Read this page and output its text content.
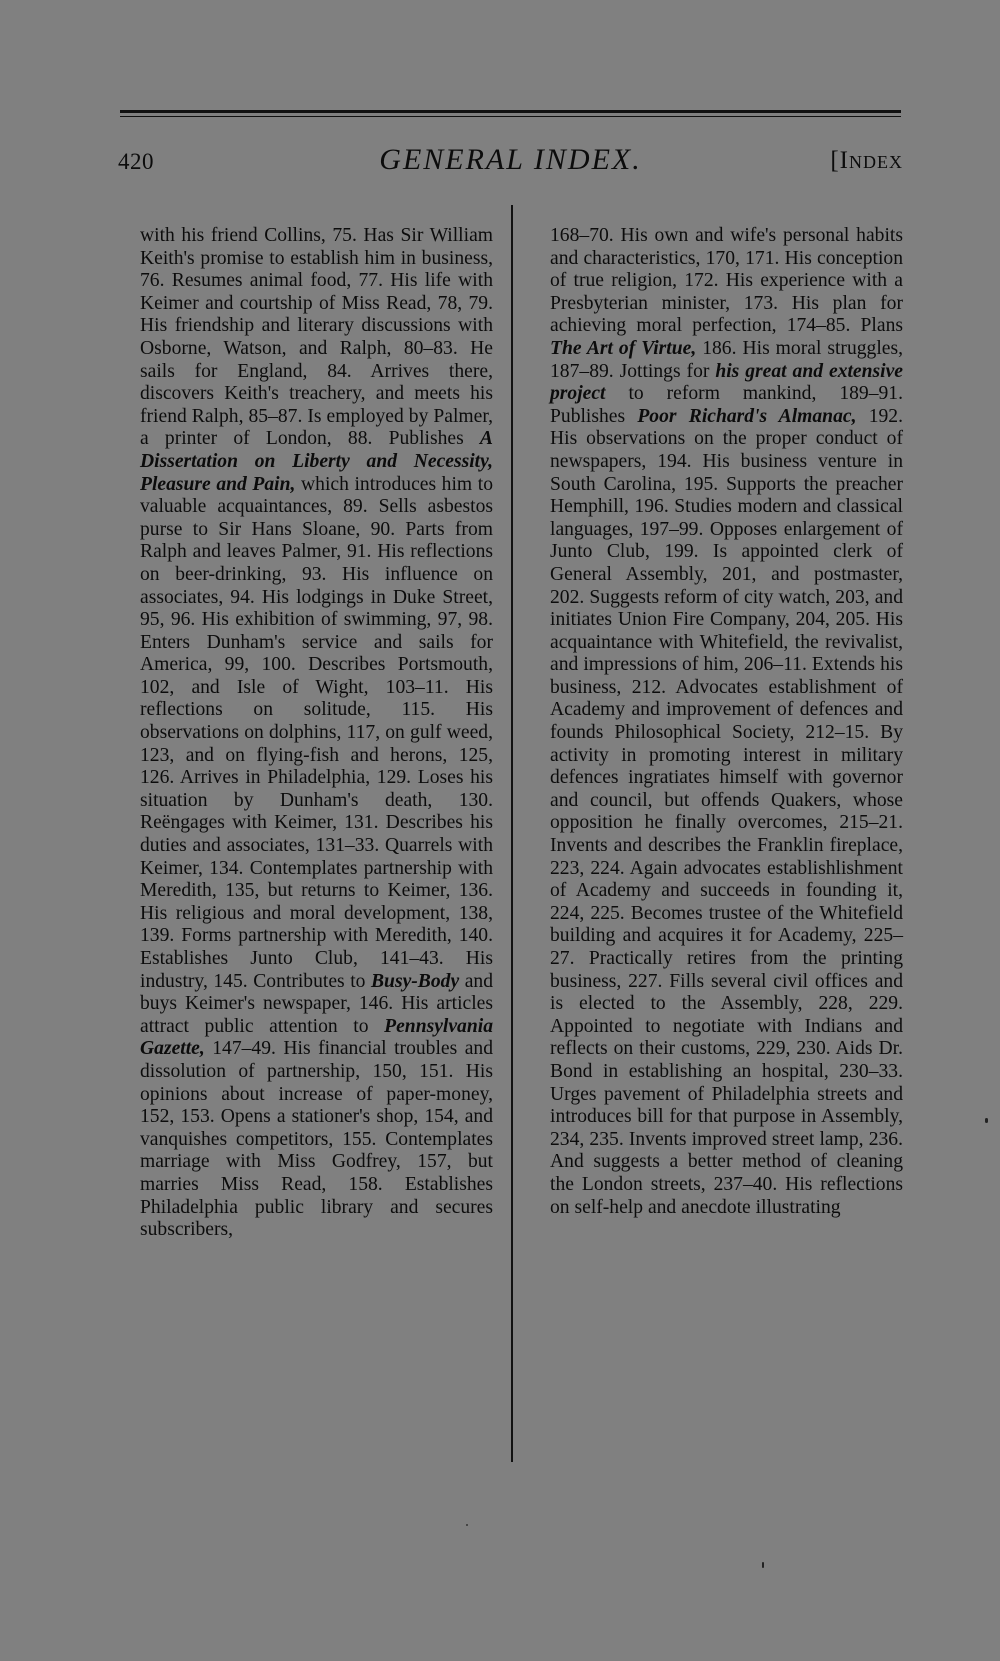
420	GENERAL INDEX.	[Index
with his friend Collins, 75. Has Sir William Keith's promise to establish him in business, 76. Resumes animal food, 77. His life with Keimer and courtship of Miss Read, 78, 79. His friendship and literary discussions with Osborne, Watson, and Ralph, 80–83. He sails for England, 84. Arrives there, discovers Keith's treachery, and meets his friend Ralph, 85–87. Is employed by Palmer, a printer of London, 88. Publishes A Dissertation on Liberty and Necessity, Pleasure and Pain, which introduces him to valuable acquaintances, 89. Sells asbestos purse to Sir Hans Sloane, 90. Parts from Ralph and leaves Palmer, 91. His reflections on beer-drinking, 93. His influence on associates, 94. His lodgings in Duke Street, 95, 96. His exhibition of swimming, 97, 98. Enters Dunham's service and sails for America, 99, 100. Describes Portsmouth, 102, and Isle of Wight, 103–11. His reflections on solitude, 115. His observations on dolphins, 117, on gulf weed, 123, and on flying-fish and herons, 125, 126. Arrives in Philadelphia, 129. Loses his situation by Dunham's death, 130. Reëngages with Keimer, 131. Describes his duties and associates, 131–33. Quarrels with Keimer, 134. Contemplates partnership with Meredith, 135, but returns to Keimer, 136. His religious and moral development, 138, 139. Forms partnership with Meredith, 140. Establishes Junto Club, 141–43. His industry, 145. Contributes to Busy-Body and buys Keimer's newspaper, 146. His articles attract public attention to Pennsylvania Gazette, 147–49. His financial troubles and dissolution of partnership, 150, 151. His opinions about increase of paper-money, 152, 153. Opens a stationer's shop, 154, and vanquishes competitors, 155. Contemplates marriage with Miss Godfrey, 157, but marries Miss Read, 158. Establishes Philadelphia public library and secures subscribers,
168–70. His own and wife's personal habits and characteristics, 170, 171. His conception of true religion, 172. His experience with a Presbyterian minister, 173. His plan for achieving moral perfection, 174–85. Plans The Art of Virtue, 186. His moral struggles, 187–89. Jottings for his great and extensive project to reform mankind, 189–91. Publishes Poor Richard's Almanac, 192. His observations on the proper conduct of newspapers, 194. His business venture in South Carolina, 195. Supports the preacher Hemphill, 196. Studies modern and classical languages, 197–99. Opposes enlargement of Junto Club, 199. Is appointed clerk of General Assembly, 201, and postmaster, 202. Suggests reform of city watch, 203, and initiates Union Fire Company, 204, 205. His acquaintance with Whitefield, the revivalist, and impressions of him, 206–11. Extends his business, 212. Advocates establishment of Academy and improvement of defences and founds Philosophical Society, 212–15. By activity in promoting interest in military defences ingratiates himself with governor and council, but offends Quakers, whose opposition he finally overcomes, 215–21. Invents and describes the Franklin fireplace, 223, 224. Again advocates establishlishment of Academy and succeeds in founding it, 224, 225. Becomes trustee of the Whitefield building and acquires it for Academy, 225–27. Practically retires from the printing business, 227. Fills several civil offices and is elected to the Assembly, 228, 229. Appointed to negotiate with Indians and reflects on their customs, 229, 230. Aids Dr. Bond in establishing an hospital, 230–33. Urges pavement of Philadelphia streets and introduces bill for that purpose in Assembly, 234, 235. Invents improved street lamp, 236. And suggests a better method of cleaning the London streets, 237–40. His reflections on self-help and anecdote illustrating
